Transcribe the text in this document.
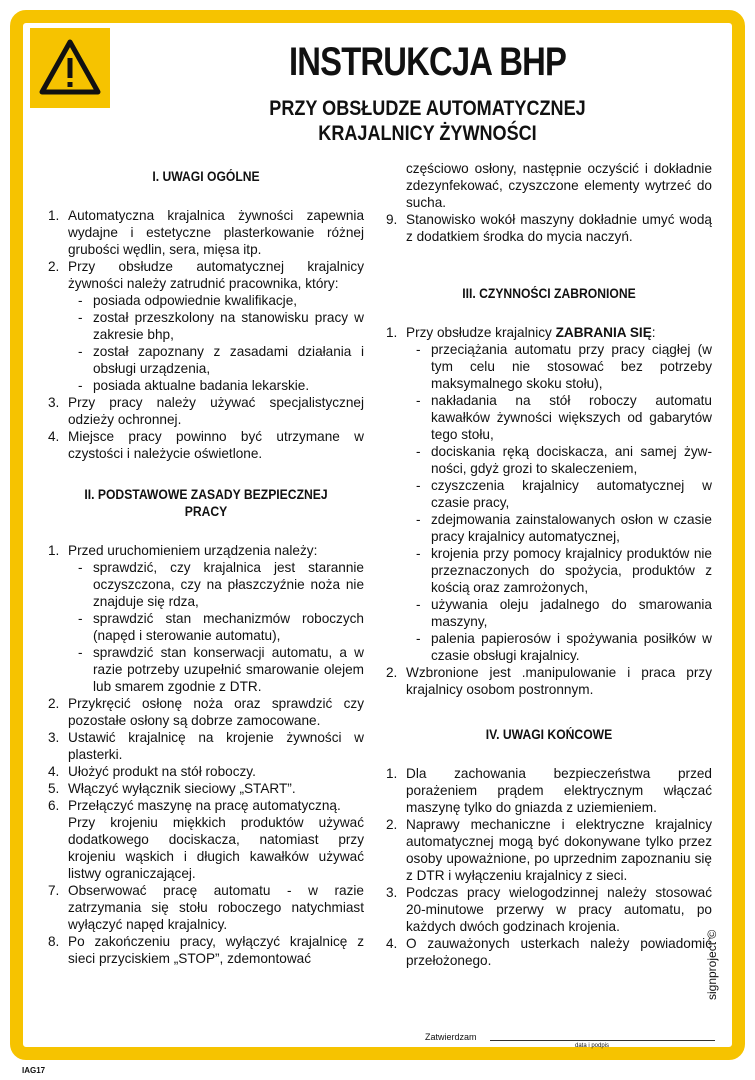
INSTRUKCJA BHP
PRZY OBSŁUDZE AUTOMATYCZNEJ
KRAJALNICY ŻYWNOŚCI
I. UWAGI OGÓLNE
1. Automatyczna krajalnica żywności zapewnia wydajne i estetyczne plasterkowanie różnej grubości wędlin, sera, mięsa itp.
2. Przy obsłudze automatycznej krajalnicy żywności należy zatrudnić pracownika, który:
- posiada odpowiednie kwalifikacje,
- został przeszkolony na stanowisku pracy w zakresie bhp,
- został zapoznany z zasadami działania i obsługi urządzenia,
- posiada aktualne badania lekarskie.
3. Przy pracy należy używać specjalistycznej odzieży ochronnej.
4. Miejsce pracy powinno być utrzymane w czystości i należycie oświetlone.
II. PODSTAWOWE ZASADY BEZPIECZNEJ PRACY
1. Przed uruchomieniem urządzenia należy:
- sprawdzić, czy krajalnica jest starannie oczyszczona, czy na płaszczyźnie noża nie znajduje się rdza,
- sprawdzić stan mechanizmów roboczych (napęd i sterowanie automatu),
- sprawdzić stan konserwacji automatu, a w razie potrzeby uzupełnić smarowanie olejem lub smarem zgodnie z DTR.
2. Przykręcić osłonę noża oraz sprawdzić czy pozostałe osłony są dobrze zamocowane.
3. Ustawić krajalnicę na krojenie żywności w plasterki.
4. Ułożyć produkt na stół roboczy.
5. Włączyć wyłącznik sieciowy „START”.
6. Przełączyć maszynę na pracę automatyczną.
Przy krojeniu miękkich produktów używać dodatkowego dociskacza, natomiast przy krojeniu wąskich i długich kawałków używać listwy ograniczającej.
7. Obserwować pracę automatu - w razie zatrzymania się stołu roboczego natychmiast wyłączyć napęd krajalnicy.
8. Po zakończeniu pracy, wyłączyć krajalnicę z sieci przyciskiem „STOP”, zdemontować
częściowo osłony, następnie oczyścić i dokładnie zdezynfekować, czyszczone elementy wytrzeć do sucha.
9. Stanowisko wokół maszyny dokładnie umyć wodą z dodatkiem środka do mycia naczyń.
III. CZYNNOŚCI ZABRONIONE
1. Przy obsłudze krajalnicy ZABRANIA SIĘ:
- przeciążania automatu przy pracy ciągłej (w tym celu nie stosować bez potrzeby maksymalnego skoku stołu),
- nakładania na stół roboczy automatu kawałków żywności większych od gabarytów tego stołu,
- dociskania ręką dociskacza, ani samej żyw-ności, gdyż grozi to skaleczeniem,
- czyszczenia krajalnicy automatycznej w czasie pracy,
- zdejmowania zainstalowanych osłon w czasie pracy krajalnicy automatycznej,
- krojenia przy pomocy krajalnicy produktów nie przeznaczonych do spożycia, produktów z kością oraz zamrożonych,
- używania oleju jadalnego do smarowania maszyny,
- palenia papierosów i spożywania posiłków w czasie obsługi krajalnicy.
2. Wzbronione jest .manipulowanie i praca przy krajalnicy osobom postronnym.
IV. UWAGI KOŃCOWE
1. Dla zachowania bezpieczeństwa przed porażeniem prądem elektrycznym włączać maszynę tylko do gniazda z uziemieniem.
2. Naprawy mechaniczne i elektryczne krajalnicy automatycznej mogą być dokonywane tylko przez osoby upoważnione, po uprzednim zapoznaniu się z DTR i wyłączeniu krajalnicy z sieci.
3. Podczas pracy wielogodzinnej należy stosować 20-minutowe przerwy w pracy automatu, po każdych dwóch godzinach krojenia.
4. O zauważonych usterkach należy powiadomić przełożonego.
Zatwierdzam
data i podpis
IAG17
signproject ©
